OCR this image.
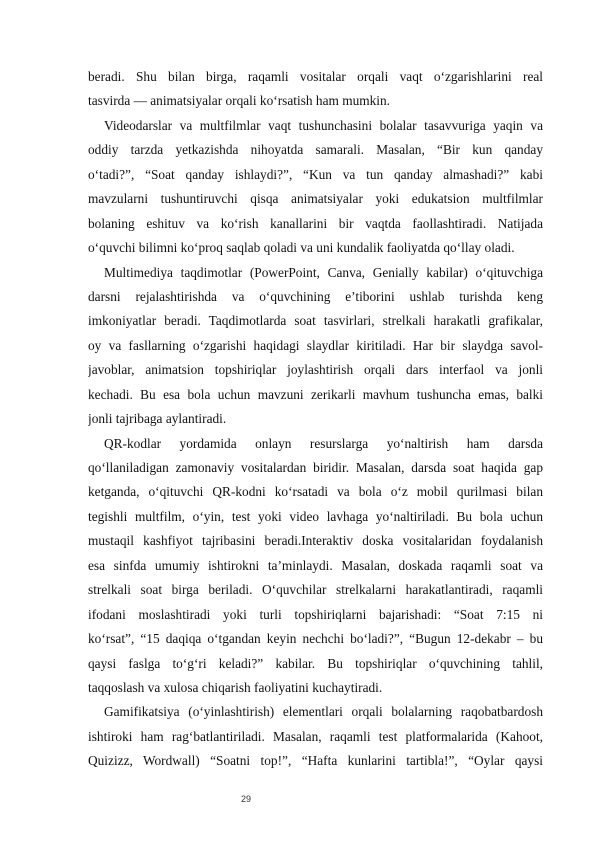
beradi. Shu bilan birga, raqamli vositalar orqali vaqt o‘zgarishlarini real
tasvirda — animatsiyalar orqali ko‘rsatish ham mumkin.
Videodarslar va multfilmlar vaqt tushunchasini bolalar tasavvuriga yaqin va
oddiy tarzda yetkazishda nihoyatda samarali. Masalan, “Bir kun qanday
o‘tadi?”, “Soat qanday ishlaydi?”, “Kun va tun qanday almashadi?” kabi
mavzularni tushuntiruvchi qisqa animatsiyalar yoki edukatsion multfilmlar
bolaning eshituv va ko‘rish kanallarini bir vaqtda faollashtiradi. Natijada
o‘quvchi bilimni ko‘proq saqlab qoladi va uni kundalik faoliyatda qo‘llay oladi.
Multimediya taqdimotlar (PowerPoint, Canva, Genially kabilar) o‘qituvchiga
darsni rejalashtirishda va o‘quvchining e’tiborini ushlab turishda keng
imkoniyatlar beradi. Taqdimotlarda soat tasvirlari, strelkali harakatli grafikalar,
oy va fasllarning o‘zgarishi haqidagi slaydlar kiritiladi. Har bir slaydga savol-
javoblar, animatsion topshiriqlar joylashtirish orqali dars interfaol va jonli
kechadi. Bu esa bola uchun mavzuni zerikarli mavhum tushuncha emas, balki
jonli tajribaga aylantiradi.
QR-kodlar yordamida onlayn resurslarga yo‘naltirish ham darsda
qo‘llaniladigan zamonaviy vositalardan biridir. Masalan, darsda soat haqida gap
ketganda, o‘qituvchi QR-kodni ko‘rsatadi va bola o‘z mobil qurilmasi bilan
tegishli multfilm, o‘yin, test yoki video lavhaga yo‘naltiriladi. Bu bola uchun
mustaqil kashfiyot tajribasini beradi.Interaktiv doska vositalaridan foydalanish
esa sinfda umumiy ishtirokni ta’minlaydi. Masalan, doskada raqamli soat va
strelkali soat birga beriladi. O‘quvchilar strelkalarni harakatlantiradi, raqamli
ifodani moslashtiradi yoki turli topshiriqlarni bajarishadi: “Soat 7:15 ni
ko‘rsat”, “15 daqiqa o‘tgandan keyin nechchi bo‘ladi?”, “Bugun 12-dekabr – bu
qaysi faslga to‘g‘ri keladi?” kabilar. Bu topshiriqlar o‘quvchining tahlil,
taqqoslash va xulosa chiqarish faoliyatini kuchaytiradi.
Gamifikatsiya (o‘yinlashtirish) elementlari orqali bolalarning raqobatbardosh
ishtiroki ham rag‘batlantiriladi. Masalan, raqamli test platformalarida (Kahoot,
Quizizz, Wordwall) “Soatni top!”, “Hafta kunlarini tartibla!”, “Oylar qaysi
29
